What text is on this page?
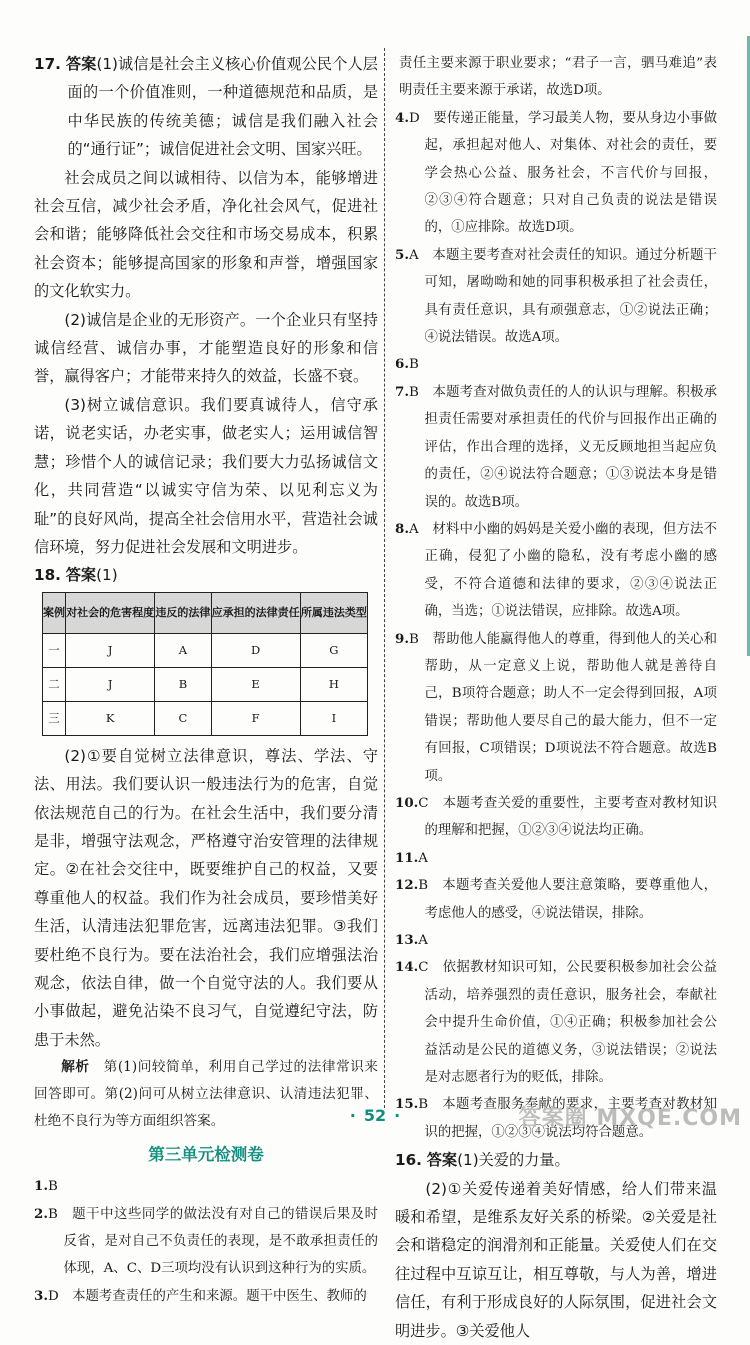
17. 答案(1)诚信是社会主义核心价值观公民个人层面的一个价值准则，一种道德规范和品质，是中华民族的传统美德；诚信是我们融入社会的“通行证”；诚信促进社会文明、国家兴旺。

社会成员之间以诚相待、以信为本，能够增进社会互信，减少社会矛盾，净化社会风气，促进社会和谐；能够降低社会交往和市场交易成本，积累社会资本；能够提高国家的形象和声誉，增强国家的文化软实力。

(2)诚信是企业的无形资产。一个企业只有坚持诚信经营、诚信办事，才能塑造良好的形象和信誉，赢得客户；才能带来持久的效益，长盛不衰。

(3)树立诚信意识。我们要真诚待人，信守承诺，说老实话，办老实事，做老实人；运用诚信智慧；珍惜个人的诚信记录；我们要大力弘扬诚信文化，共同营造“以诚实守信为荣、以见利忘义为耻”的良好风尚，提高全社会信用水平，营造社会诚信环境，努力促进社会发展和文明进步。

18. 答案(1)

案例	对社会的危害程度	违反的法律	应承担的法律责任	所属违法类型
一	J	A	D	G
二	J	B	E	H
三	K	C	F	I

(2)①要自觉树立法律意识，尊法、学法、守法、用法。我们要认识一般违法行为的危害，自觉依法规范自己的行为。在社会生活中，我们要分清是非，增强守法观念，严格遵守治安管理的法律规定。②在社会交往中，既要维护自己的权益，又要尊重他人的权益。我们作为社会成员，要珍惜美好生活，认清违法犯罪危害，远离违法犯罪。③我们要杜绝不良行为。要在法治社会，我们应增强法治观念，依法自律，做一个自觉守法的人。我们要从小事做起，避免沾染不良习气，自觉遵纪守法，防患于未然。

解析　 第(1)问较简单，利用自己学过的法律常识来回答即可。第(2)问可从树立法律意识、认清违法犯罪、杜绝不良行为等方面组织答案。

第三单元检测卷

1.B

2.B　题干中这些同学的做法没有对自己的错误后果及时反省，是对自己不负责任的表现，是不敢承担责任的体现，A、C、D三项均没有认识到这种行为的实质。

3.D　本题考查责任的产生和来源。题干中医生、教师的

责任主要来源于职业要求；“君子一言，驷马难追”表明责任主要来源于承诺，故选D项。

4.D　要传递正能量，学习最美人物，要从身边小事做起，承担起对他人、对集体、对社会的责任，要学会热心公益、服务社会，不言代价与回报，②③④符合题意；只对自己负责的说法是错误的，①应排除。故选D项。

5.A　本题主要考查对社会责任的知识。通过分析题干可知，屠呦呦和她的同事积极承担了社会责任，具有责任意识，具有顽强意志，①②说法正确；④说法错误。故选A项。

6.B

7.B　本题考查对做负责任的人的认识与理解。积极承担责任需要对承担责任的代价与回报作出正确的评估，作出合理的选择，义无反顾地担当起应负的责任，②④说法符合题意；①③说法本身是错误的。故选B项。

8.A　材料中小幽的妈妈是关爱小幽的表现，但方法不正确，侵犯了小幽的隐私，没有考虑小幽的感受，不符合道德和法律的要求，②③④说法正确，当选；①说法错误，应排除。故选A项。

9.B　帮助他人能赢得他人的尊重，得到他人的关心和帮助，从一定意义上说，帮助他人就是善待自己，B项符合题意；助人不一定会得到回报，A项错误；帮助他人要尽自己的最大能力，但不一定有回报，C项错误；D项说法不符合题意。故选B项。

10.C　本题考查关爱的重要性，主要考查对教材知识的理解和把握，①②③④说法均正确。

11.A

12.B　本题考查关爱他人要注意策略，要尊重他人，考虑他人的感受，④说法错误，排除。

13.A

14.C　依据教材知识可知，公民要积极参加社会公益活动，培养强烈的责任意识，服务社会，奉献社会中提升生命价值，①④正确；积极参加社会公益活动是公民的道德义务，③说法错误；②说法是对志愿者行为的贬低，排除。

15.B　本题考查服务奉献的要求，主要考查对教材知识的把握，①②③④说法均符合题意。

16. 答案(1)关爱的力量。

(2)①关爱传递着美好情感，给人们带来温暖和希望，是维系友好关系的桥梁。②关爱是社会和谐稳定的润滑剂和正能量。关爱使人们在交往过程中互谅互让，相互尊敬，与人为善，增进信任，有利于形成良好的人际氛围，促进社会文明进步。③关爱他人

· 52 ·	答案圈 MXQE.COM
